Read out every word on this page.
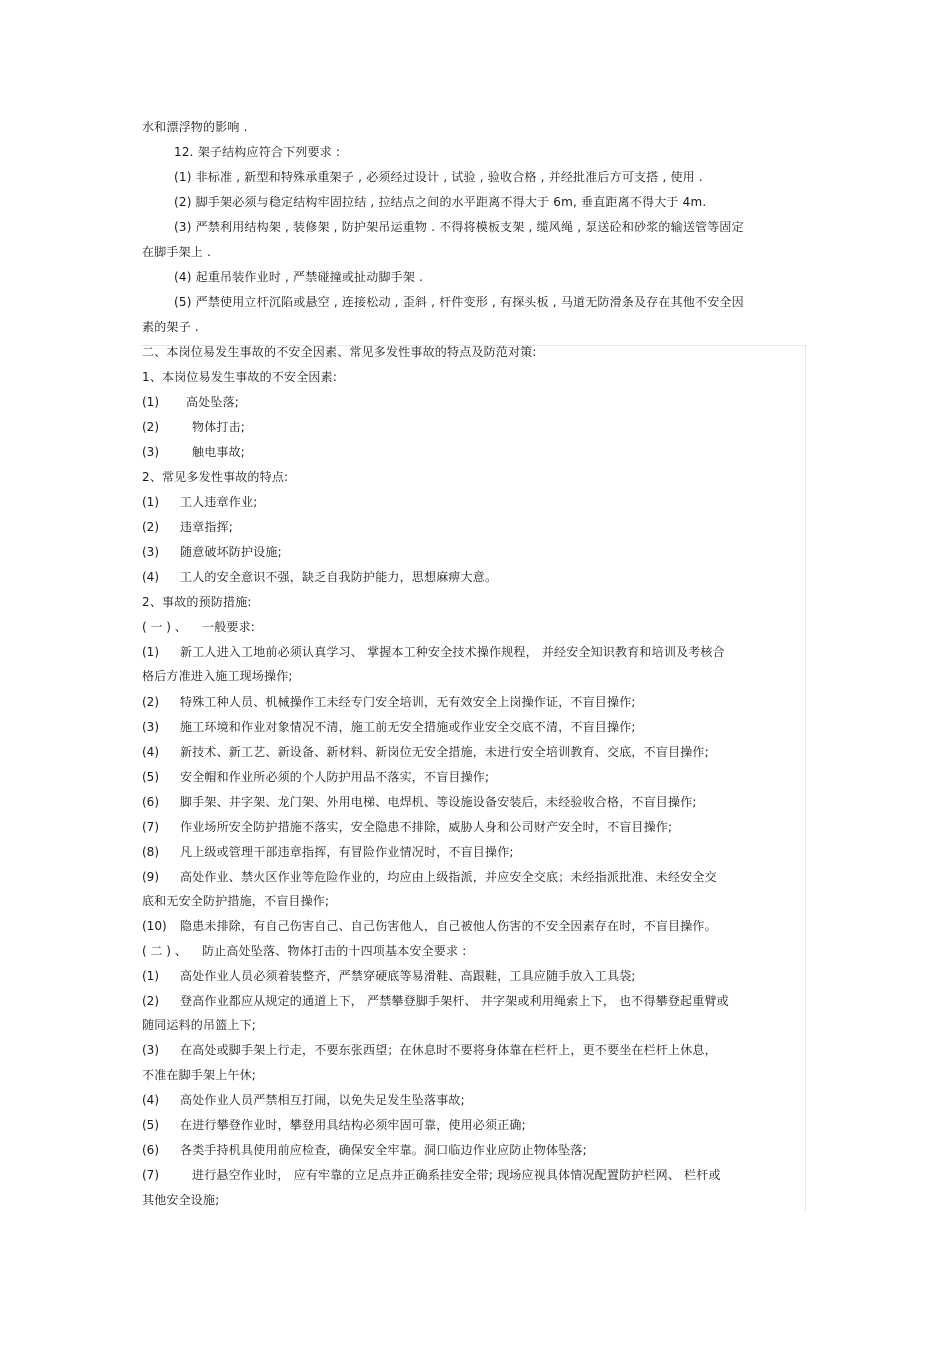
水和漂浮物的影响 .
12. 架子结构应符合下列要求 :
(1) 非标准 , 新型和特殊承重架子 , 必须经过设计 , 试验 , 验收合格 , 并经批准后方可支搭 , 使用 .
(2) 脚手架必须与稳定结构牢固拉结 , 拉结点之间的水平距离不得大于 6m, 垂直距离不得大于 4m.
(3) 严禁利用结构架 , 装修架 , 防护架吊运重物 . 不得将模板支架 , 缆风绳 , 泵送砼和砂浆的输送管等固定
在脚手架上 .
(4) 起重吊装作业时 , 严禁碰撞或扯动脚手架 .
(5) 严禁使用立杆沉陷或悬空 , 连接松动 , 歪斜 , 杆件变形 , 有探头板 , 马道无防滑条及存在其他不安全因
素的架子 .
二、本岗位易发生事故的不安全因素、常见多发性事故的特点及防范对策:
1、本岗位易发生事故的不安全因素:
(1) 高处坠落;
(2)	物体打击;
(3)	触电事故;
2、常见多发性事故的特点:
(1) 工人违章作业;
(2) 违章指挥;
(3) 随意破坏防护设施;
(4) 工人的安全意识不强，缺乏自我防护能力，思想麻痹大意。
2、事故的预防措施:
( 一 ) 、 一般要求:
(1) 新工人进入工地前必须认真学习、 掌握本工种安全技术操作规程， 并经安全知识教育和培训及考核合
格后方准进入施工现场操作;
(2) 特殊工种人员、机械操作工未经专门安全培训，无有效安全上岗操作证，不盲目操作;
(3) 施工环境和作业对象情况不清，施工前无安全措施或作业安全交底不清，不盲目操作;
(4) 新技术、新工艺、新设备、新材料、新岗位无安全措施，未进行安全培训教育、交底，不盲目操作;
(5) 安全帽和作业所必须的个人防护用品不落实，不盲目操作;
(6) 脚手架、井字架、龙门架、外用电梯、电焊机、等设施设备安装后，未经验收合格，不盲目操作;
(7) 作业场所安全防护措施不落实，安全隐患不排除，威胁人身和公司财产安全时，不盲目操作;
(8) 凡上级或管理干部违章指挥，有冒险作业情况时，不盲目操作;
(9) 高处作业、禁火区作业等危险作业的，均应由上级指派，并应安全交底；未经指派批准、未经安全交
底和无安全防护措施，不盲目操作;
(10) 隐患未排除，有自己伤害自己、自己伤害他人，自己被他人伤害的不安全因素存在时，不盲目操作。
( 二 ) 、 防止高处坠落、物体打击的十四项基本安全要求 :
(1) 高处作业人员必须着装整齐，严禁穿硬底等易滑鞋、高跟鞋，工具应随手放入工具袋;
(2) 登高作业都应从规定的通道上下， 严禁攀登脚手架杆、 井字架或利用绳索上下， 也不得攀登起重臂或
随同运料的吊篮上下;
(3) 在高处或脚手架上行走，不要东张西望；在休息时不要将身体靠在栏杆上，更不要坐在栏杆上休息，
不准在脚手架上午休;
(4) 高处作业人员严禁相互打闹，以免失足发生坠落事故;
(5) 在进行攀登作业时，攀登用具结构必须牢固可靠，使用必须正确;
(6) 各类手持机具使用前应检查，确保安全牢靠。洞口临边作业应防止物体坠落;
(7)	进行悬空作业时， 应有牢靠的立足点并正确系挂安全带; 现场应视具体情况配置防护栏网、 栏杆或
其他安全设施;
